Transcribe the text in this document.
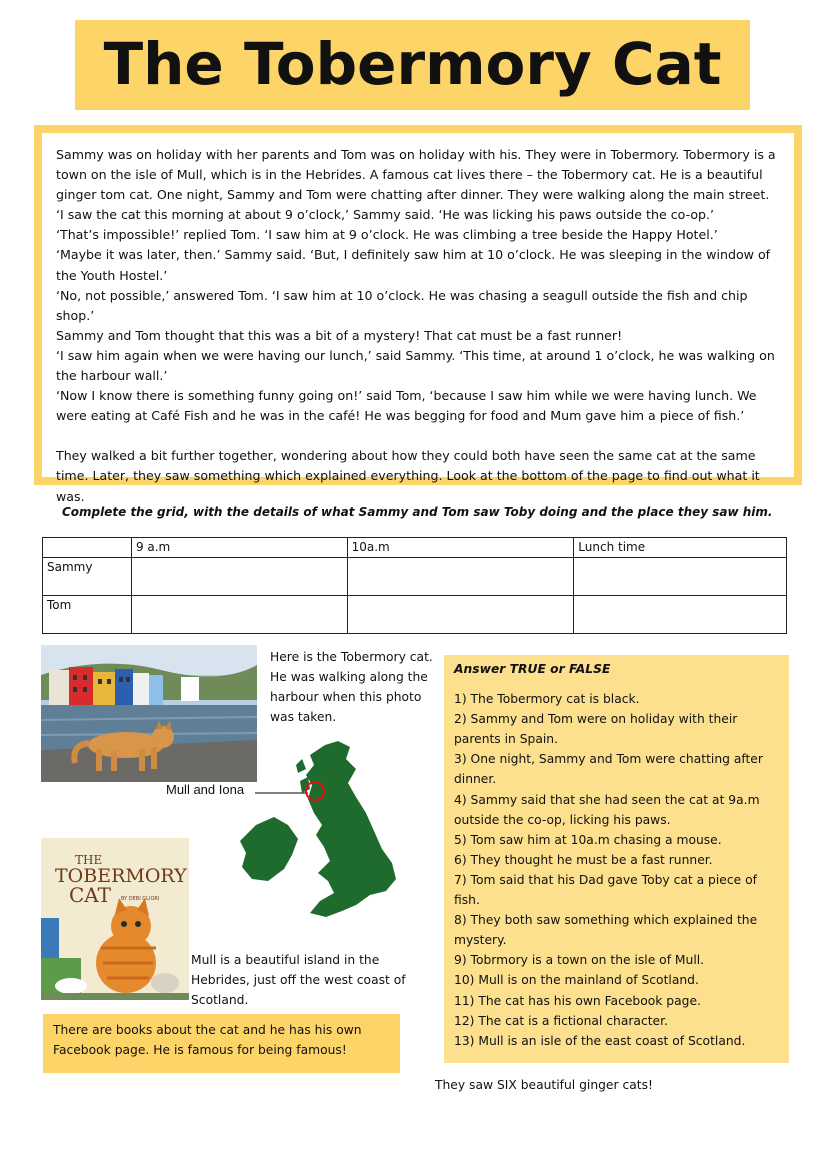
The Tobermory Cat

Sammy was on holiday with her parents and Tom was on holiday with his. They were in Tobermory. Tobermory is a town on the isle of Mull, which is in the Hebrides. A famous cat lives there – the Tobermory cat. He is a beautiful ginger tom cat. One night, Sammy and Tom were chatting after dinner. They were walking along the main street.

‘I saw the cat this morning at about 9 o’clock,’ Sammy said. ‘He was licking his paws outside the co-op.’

‘That’s impossible!’ replied Tom. ‘I saw him at 9 o’clock. He was climbing a tree beside the Happy Hotel.’

‘Maybe it was later, then.’ Sammy said. ‘But, I definitely saw him at 10 o’clock. He was sleeping in the window of the Youth Hostel.’

‘No, not possible,’ answered Tom. ‘I saw him at 10 o’clock. He was chasing a seagull outside the fish and chip shop.’

Sammy and Tom thought that this was a bit of a mystery! That cat must be a fast runner!

‘I saw him again when we were having our lunch,’ said Sammy. ‘This time, at around 1 o’clock, he was walking on the harbour wall.’

‘Now I know there is something funny going on!’ said Tom, ‘because I saw him while we were having lunch. We were eating at Café Fish and he was in the café! He was begging for food and Mum gave him a piece of fish.’

They walked a bit further together, wondering about how they could both have seen the same cat at the same time. Later, they saw something which explained everything. Look at the bottom of the page to find out what it was.

Complete the grid, with the details of what Sammy and Tom saw Toby doing and the place they saw him.
	9 a.m	10a.m	Lunch time
Sammy			
Tom			
Here is the Tobermory cat. He was walking along the harbour when this photo was taken.
Mull and Iona
THE
TOBERMORY
CAT BY DEBI GLIORI
Mull is a beautiful island in the Hebrides, just off the west coast of Scotland.
There are books about the cat and he has his own Facebook page. He is famous for being famous!
Answer TRUE or FALSE
1) The Tobermory cat is black.
2) Sammy and Tom were on holiday with their parents in Spain.
3) One night, Sammy and Tom were chatting after dinner.
4) Sammy said that she had seen the cat at 9a.m outside the co-op, licking his paws.
5) Tom saw him at 10a.m chasing a mouse.
6) They thought he must be a fast runner.
7) Tom said that his Dad gave Toby cat a piece of fish.
8) They both saw something which explained the mystery.
9) Tobrmory is a town on the isle of Mull.
10) Mull is on the mainland of Scotland.
11) The cat has his own Facebook page.
12) The cat is a fictional character.
13) Mull is an isle of the east coast of Scotland.
They saw SIX beautiful ginger cats!
